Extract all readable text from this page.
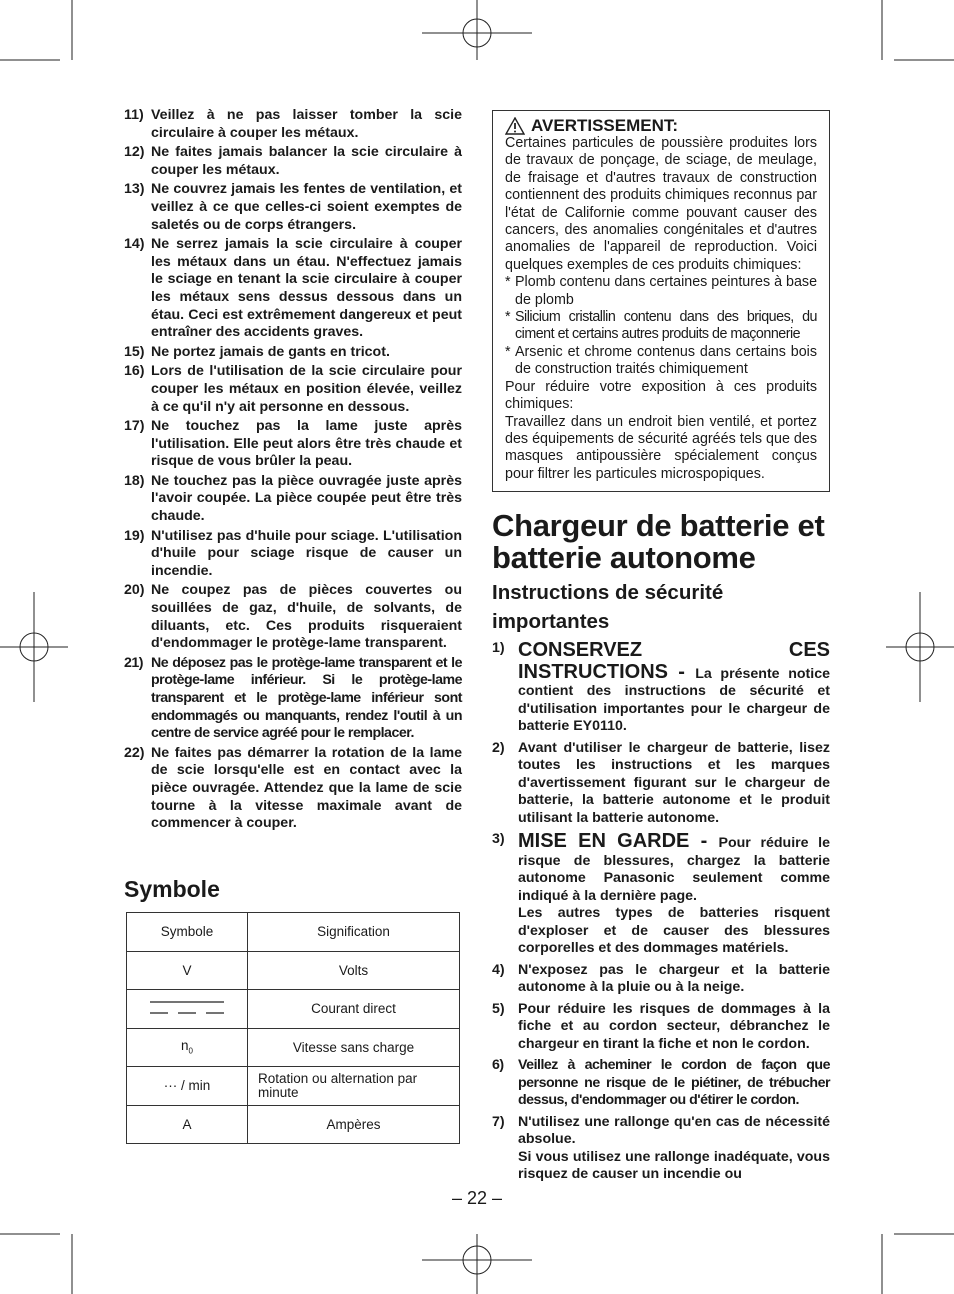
11) Veillez à ne pas laisser tomber la scie circulaire à couper les métaux.
12) Ne faites jamais balancer la scie circulaire à couper les métaux.
13) Ne couvrez jamais les fentes de ventilation, et veillez à ce que celles-ci soient exemptes de saletés ou de corps étrangers.
14) Ne serrez jamais la scie circulaire à couper les métaux dans un étau. N'effectuez jamais le sciage en tenant la scie circulaire à couper les métaux sens dessus dessous dans un étau. Ceci est extrêmement dangereux et peut entraîner des accidents graves.
15) Ne portez jamais de gants en tricot.
16) Lors de l'utilisation de la scie circulaire pour couper les métaux en position élevée, veillez à ce qu'il n'y ait personne en dessous.
17) Ne touchez pas la lame juste après l'utilisation. Elle peut alors être très chaude et risque de vous brûler la peau.
18) Ne touchez pas la pièce ouvragée juste après l'avoir coupée. La pièce coupée peut être très chaude.
19) N'utilisez pas d'huile pour sciage. L'utilisation d'huile pour sciage risque de causer un incendie.
20) Ne coupez pas de pièces couvertes ou souillées de gaz, d'huile, de solvants, de diluants, etc. Ces produits risqueraient d'endommager le protège-lame transparent.
21) Ne déposez pas le protège-lame transparent et le protège-lame inférieur. Si le protège-lame transparent et le protège-lame inférieur sont endommagés ou manquants, rendez l'outil à un centre de service agréé pour le remplacer.
22) Ne faites pas démarrer la rotation de la lame de scie lorsqu'elle est en contact avec la pièce ouvragée. Attendez que la lame de scie tourne à la vitesse maximale avant de commencer à couper.
Symbole
Symbole	Signification
V	Volts
	Courant direct
$n_0$	Vitesse sans charge
··· / min	Rotation ou alternation par minute
A	Ampères
AVERTISSEMENT:

Certaines particules de poussière produites lors de travaux de ponçage, de sciage, de meulage, de fraisage et d'autres travaux de construction contiennent des produits chimiques reconnus par l'état de Californie comme pouvant causer des cancers, des anomalies congénitales et d'autres anomalies de l'appareil de reproduction. Voici quelques exemples de ces produits chimiques:

* Plomb contenu dans certaines peintures à base de plomb
* Silicium cristallin contenu dans des briques, du ciment et certains autres produits de maçonnerie
* Arsenic et chrome contenus dans certains bois de construction traités chimiquement

Pour réduire votre exposition à ces produits chimiques:

Travaillez dans un endroit bien ventilé, et portez des équipements de sécurité agréés tels que des masques antipoussière spécialement conçus pour filtrer les particules microspopiques.

Chargeur de batterie et batterie autonome
Instructions de sécurité importantes
1) CONSERVEZ CES INSTRUCTIONS - La présente notice contient des instructions de sécurité et d'utilisation importantes pour le chargeur de batterie EY0110.
2) Avant d'utiliser le chargeur de batterie, lisez toutes les instructions et les marques d'avertissement figurant sur le chargeur de batterie, la batterie autonome et le produit utilisant la batterie autonome.
3) MISE EN GARDE - Pour réduire le risque de blessures, chargez la batterie autonome Panasonic seulement comme indiqué à la dernière page.
Les autres types de batteries risquent d'exploser et de causer des blessures corporelles et des dommages matériels.
4) N'exposez pas le chargeur et la batterie autonome à la pluie ou à la neige.
5) Pour réduire les risques de dommages à la fiche et au cordon secteur, débranchez le chargeur en tirant la fiche et non le cordon.
6)	Veillez à acheminer le cordon de façon que personne ne risque de le piétiner, de trébucher dessus, d'endommager ou d'étirer le cordon.
7) N'utilisez une rallonge qu'en cas de nécessité absolue.
Si vous utilisez une rallonge inadéquate, vous risquez de causer un incendie ou
– 22 –
